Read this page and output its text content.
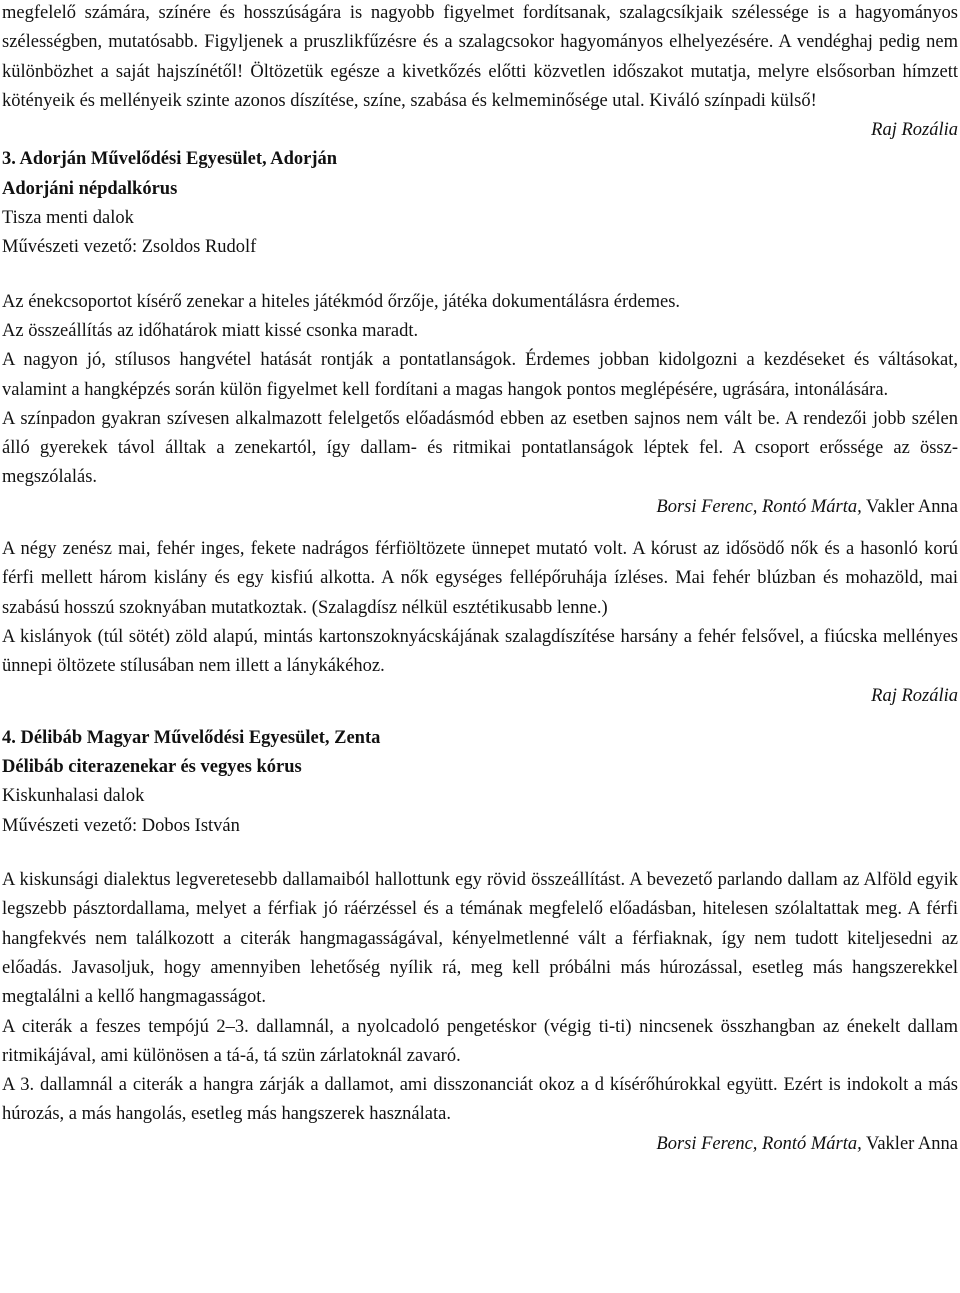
megfelelő számára, színére és hosszúságára is nagyobb figyelmet fordítsanak, szalagcsíkjaik szélessége is a hagyományos szélességben, mutatósabb. Figyljenek a pruszlikfűzésre és a szalagcsokor hagyományos elhelyezésére. A vendéghaj pedig nem különbözhet a saját hajszínétől! Öltözetük egésze a kivetkőzés előtti közvetlen időszakot mutatja, melyre elsősorban hímzett kötényeik és mellényeik szinte azonos díszítése, színe, szabása és kelmeminősége utal. Kiváló színpadi külső!

Raj Rozália

3. Adorján Művelődési Egyesület, Adorján
Adorjáni népdalkórus
Tisza menti dalok
Művészeti vezető: Zsoldos Rudolf

Az énekcsoportot kísérő zenekar a hiteles játékmód őrzője, játéka dokumentálásra érdemes.

Az összeállítás az időhatárok miatt kissé csonka maradt.

A nagyon jó, stílusos hangvétel hatását rontják a pontatlanságok. Érdemes jobban kidolgozni a kezdéseket és váltásokat, valamint a hangképzés során külön figyelmet kell fordítani a magas hangok pontos meglépésére, ugrására, intonálására.

A színpadon gyakran szívesen alkalmazott felelgetős előadásmód ebben az esetben sajnos nem vált be. A rendezői jobb szélen álló gyerekek távol álltak a zenekartól, így dallam- és ritmikai pontatlanságok léptek fel. A csoport erőssége az össz-megszólalás.

Borsi Ferenc, Rontó Márta, Vakler Anna

A négy zenész mai, fehér inges, fekete nadrágos férfiöltözete ünnepet mutató volt. A kórust az idősödő nők és a hasonló korú férfi mellett három kislány és egy kisfiú alkotta. A nők egységes fellépőruhája ízléses. Mai fehér blúzban és mohazöld, mai szabású hosszú szoknyában mutatkoztak. (Szalagdísz nélkül esztétikusabb lenne.)

A kislányok (túl sötét) zöld alapú, mintás kartonszoknyácskájának szalagdíszítése harsány a fehér felsővel, a fiúcska mellényes ünnepi öltözete stílusában nem illett a lánykákéhoz.

Raj Rozália

4. Délibáb Magyar Művelődési Egyesület, Zenta
Délibáb citerazenekar és vegyes kórus
Kiskunhalasi dalok
Művészeti vezető: Dobos István

A kiskunsági dialektus legveretesebb dallamaiból hallottunk egy rövid összeállítást. A bevezető parlando dallam az Alföld egyik legszebb pásztordallama, melyet a férfiak jó ráérzéssel és a témának megfelelő előadásban, hitelesen szólaltattak meg. A férfi hangfekvés nem találkozott a citerák hangmagasságával, kényelmetlenné vált a férfiaknak, így nem tudott kiteljesedni az előadás. Javasoljuk, hogy amennyiben lehetőség nyílik rá, meg kell próbálni más húrozással, esetleg más hangszerekkel megtalálni a kellő hangmagasságot.

A citerák a feszes tempójú 2–3. dallamnál, a nyolcadoló pengetéskor (végig ti-ti) nincsenek összhangban az énekelt dallam ritmikájával, ami különösen a tá-á, tá szün zárlatoknál zavaró.

A 3. dallamnál a citerák a hangra zárják a dallamot, ami disszonanciát okoz a d kísérőhúrokkal együtt. Ezért is indokolt a más húrozás, a más hangolás, esetleg más hangszerek használata.

Borsi Ferenc, Rontó Márta, Vakler Anna
